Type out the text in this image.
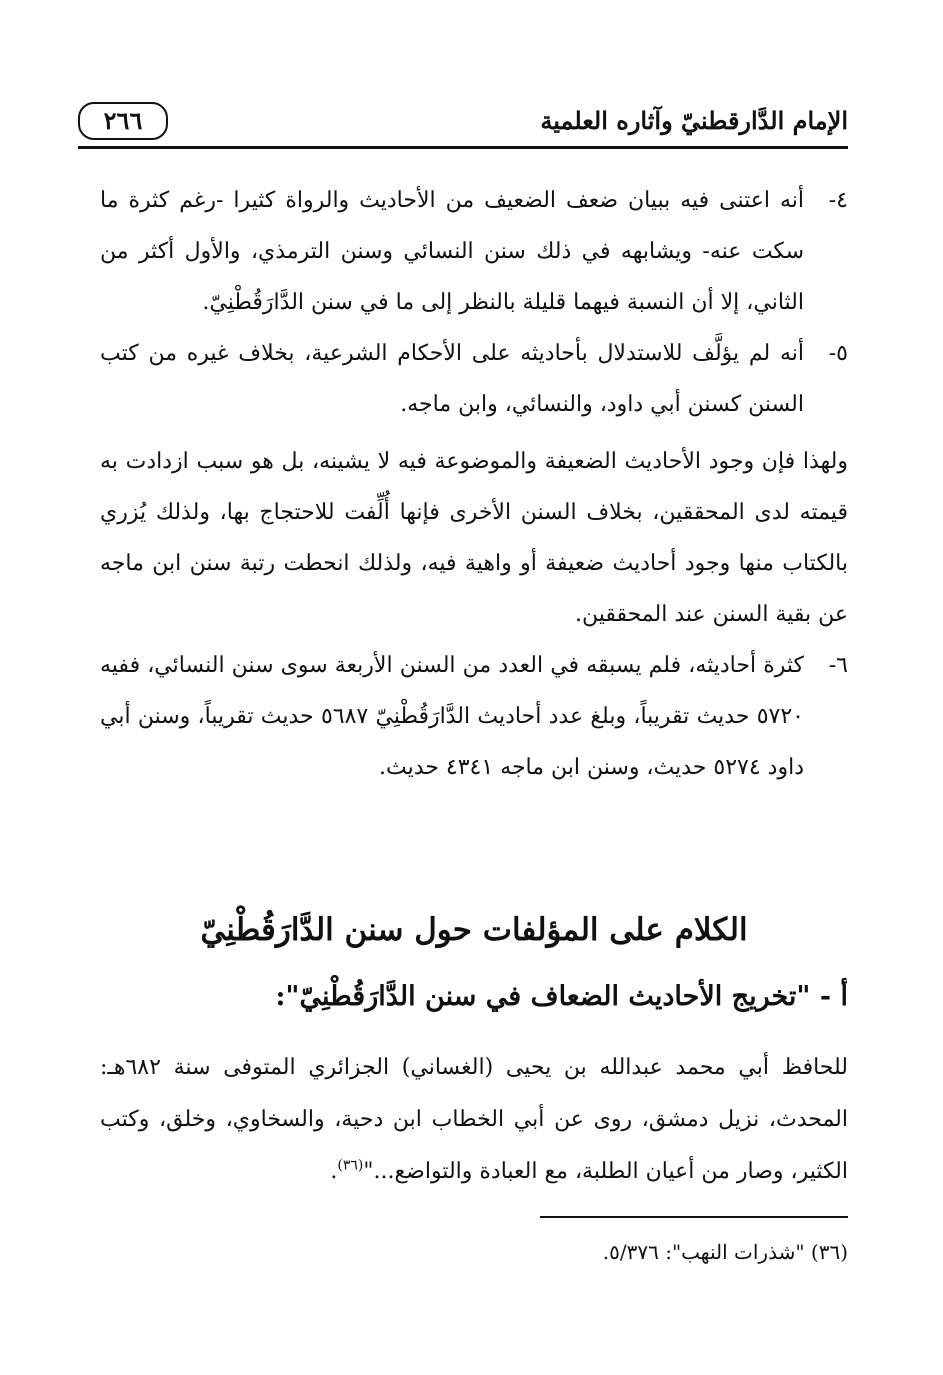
٢٦٦	الإمام الدَّارقطنيّ وآثاره العلمية

٤-
أنه اعتنى فيه ببيان ضعف الضعيف من الأحاديث والرواة كثيرا -رغم كثرة ما سكت عنه- ويشابهه في ذلك سنن النسائي وسنن الترمذي، والأول أكثر من الثاني، إلا أن النسبة فيهما قليلة بالنظر إلى ما في سنن الدَّارَقُطْنِيّ.

٥-
أنه لم يؤلَّف للاستدلال بأحاديثه على الأحكام الشرعية، بخلاف غيره من كتب السنن كسنن أبي داود، والنسائي، وابن ماجه.

ولهذا فإن وجود الأحاديث الضعيفة والموضوعة فيه لا يشينه، بل هو سبب ازدادت به قيمته لدى المحققين، بخلاف السنن الأخرى فإنها أُلِّفت للاحتجاج بها، ولذلك يُزري بالكتاب منها وجود أحاديث ضعيفة أو واهية فيه، ولذلك انحطت رتبة سنن ابن ماجه عن بقية السنن عند المحققين.

٦-
كثرة أحاديثه، فلم يسبقه في العدد من السنن الأربعة سوى سنن النسائي، ففيه ٥٧٢٠ حديث تقريباً، وبلغ عدد أحاديث الدَّارَقُطْنِيّ ٥٦٨٧ حديث تقريباً، وسنن أبي داود ٥٢٧٤ حديث، وسنن ابن ماجه ٤٣٤١ حديث.

الكلام على المؤلفات حول سنن الدَّارَقُطْنِيّ
أ - "تخريج الأحاديث الضعاف في سنن الدَّارَقُطْنِيّ":

للحافظ أبي محمد عبدالله بن يحيى (الغساني) الجزائري المتوفى سنة ٦٨٢هـ: المحدث، نزيل دمشق، روى عن أبي الخطاب ابن دحية، والسخاوي، وخلق، وكتب الكثير، وصار من أعيان الطلبة، مع العبادة والتواضع..."$^{(٣٦)}$.

(٣٦) "شذرات النهب": ٥/٣٧٦.
